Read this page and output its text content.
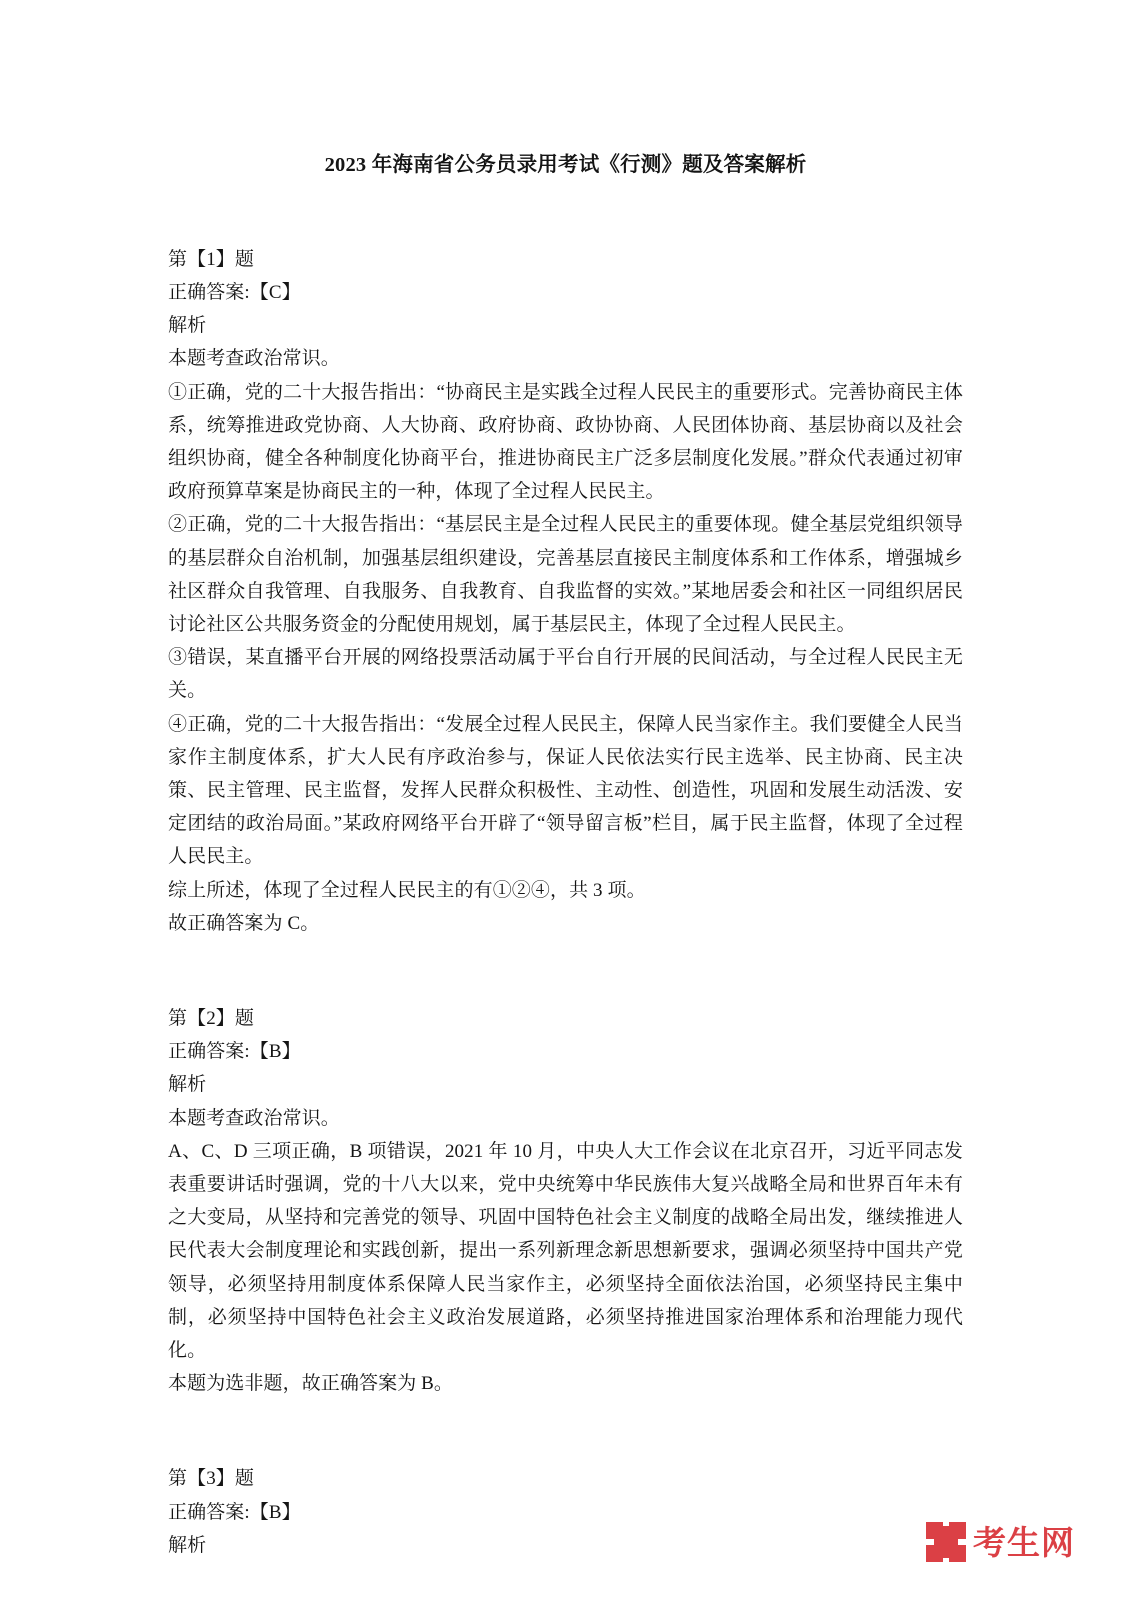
2023 年海南省公务员录用考试《行测》题及答案解析
第【1】题
正确答案:【C】
解析

本题考查政治常识。

①正确，党的二十大报告指出：“协商民主是实践全过程人民民主的重要形式。完善协商民主体系，统筹推进政党协商、人大协商、政府协商、政协协商、人民团体协商、基层协商以及社会组织协商，健全各种制度化协商平台，推进协商民主广泛多层制度化发展。”群众代表通过初审政府预算草案是协商民主的一种，体现了全过程人民民主。

②正确，党的二十大报告指出：“基层民主是全过程人民民主的重要体现。健全基层党组织领导的基层群众自治机制，加强基层组织建设，完善基层直接民主制度体系和工作体系，增强城乡社区群众自我管理、自我服务、自我教育、自我监督的实效。”某地居委会和社区一同组织居民讨论社区公共服务资金的分配使用规划，属于基层民主，体现了全过程人民民主。

③错误，某直播平台开展的网络投票活动属于平台自行开展的民间活动，与全过程人民民主无关。

④正确，党的二十大报告指出：“发展全过程人民民主，保障人民当家作主。我们要健全人民当家作主制度体系，扩大人民有序政治参与，保证人民依法实行民主选举、民主协商、民主决策、民主管理、民主监督，发挥人民群众积极性、主动性、创造性，巩固和发展生动活泼、安定团结的政治局面。”某政府网络平台开辟了“领导留言板”栏目，属于民主监督，体现了全过程人民民主。

综上所述，体现了全过程人民民主的有①②④，共 3 项。

故正确答案为 C。

第【2】题
正确答案:【B】
解析

本题考查政治常识。

A、C、D 三项正确，B 项错误，2021 年 10 月，中央人大工作会议在北京召开，习近平同志发表重要讲话时强调，党的十八大以来，党中央统筹中华民族伟大复兴战略全局和世界百年未有之大变局，从坚持和完善党的领导、巩固中国特色社会主义制度的战略全局出发，继续推进人民代表大会制度理论和实践创新，提出一系列新理念新思想新要求，强调必须坚持中国共产党领导，必须坚持用制度体系保障人民当家作主，必须坚持全面依法治国，必须坚持民主集中制，必须坚持中国特色社会主义政治发展道路，必须坚持推进国家治理体系和治理能力现代化。

本题为选非题，故正确答案为 B。

第【3】题
正确答案:【B】
解析	考生网
